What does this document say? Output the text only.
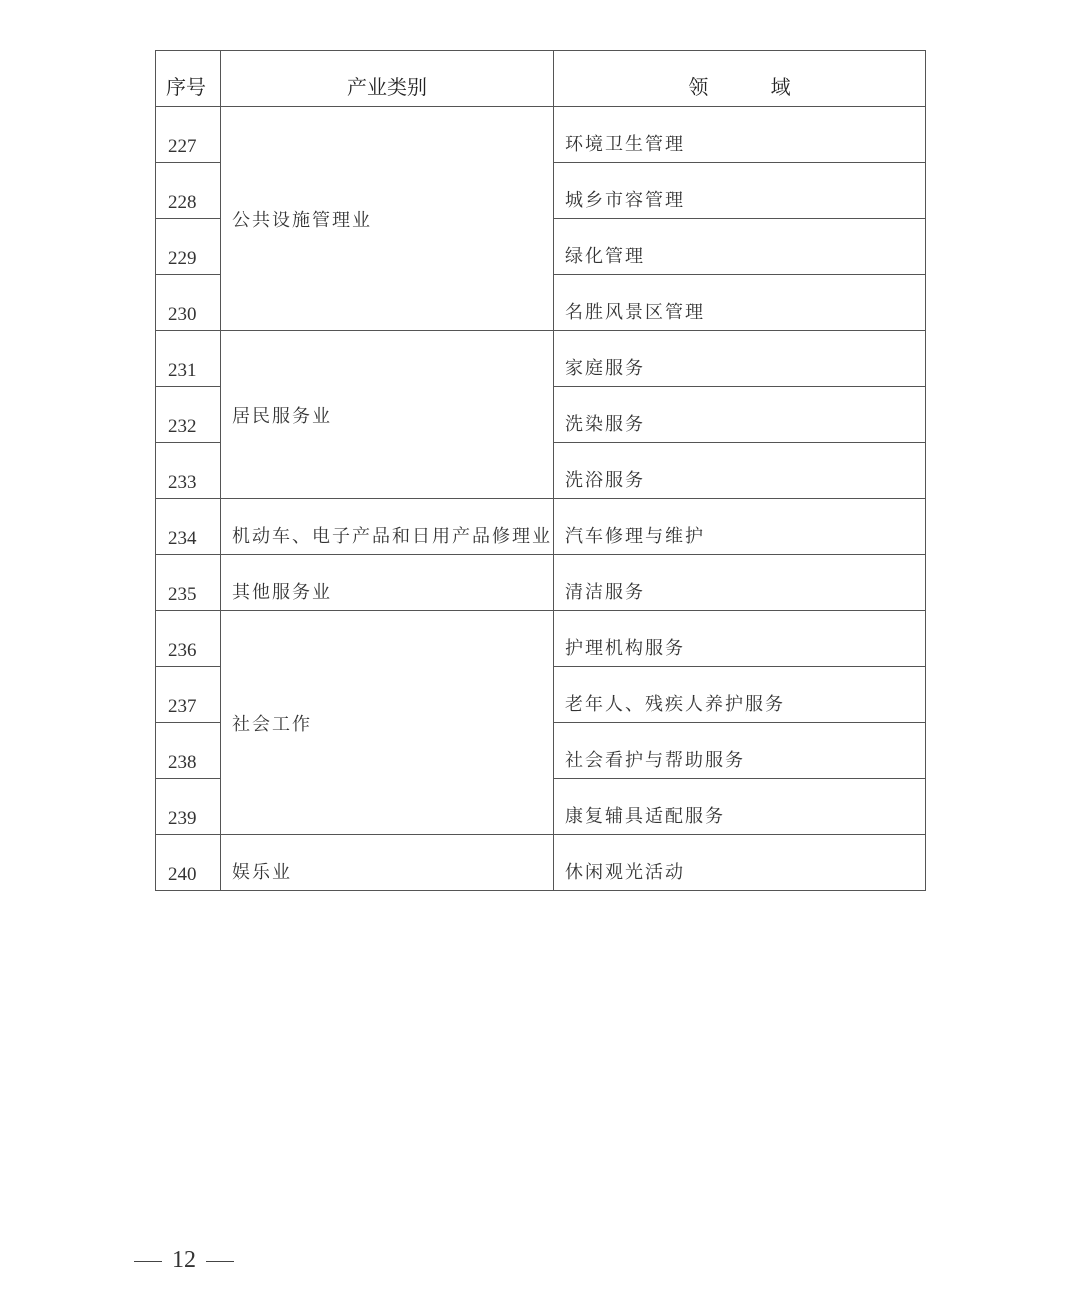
序号	产业类别	领 域
227	公共设施管理业	环境卫生管理
228		城乡市容管理
229		绿化管理
230		名胜风景区管理
231	居民服务业	家庭服务
232		洗染服务
233		洗浴服务
234	机动车、电子产品和日用产品修理业	汽车修理与维护
235	其他服务业	清洁服务
236	社会工作	护理机构服务
237		老年人、残疾人养护服务
238		社会看护与帮助服务
239		康复辅具适配服务
240	娱乐业	休闲观光活动
12
